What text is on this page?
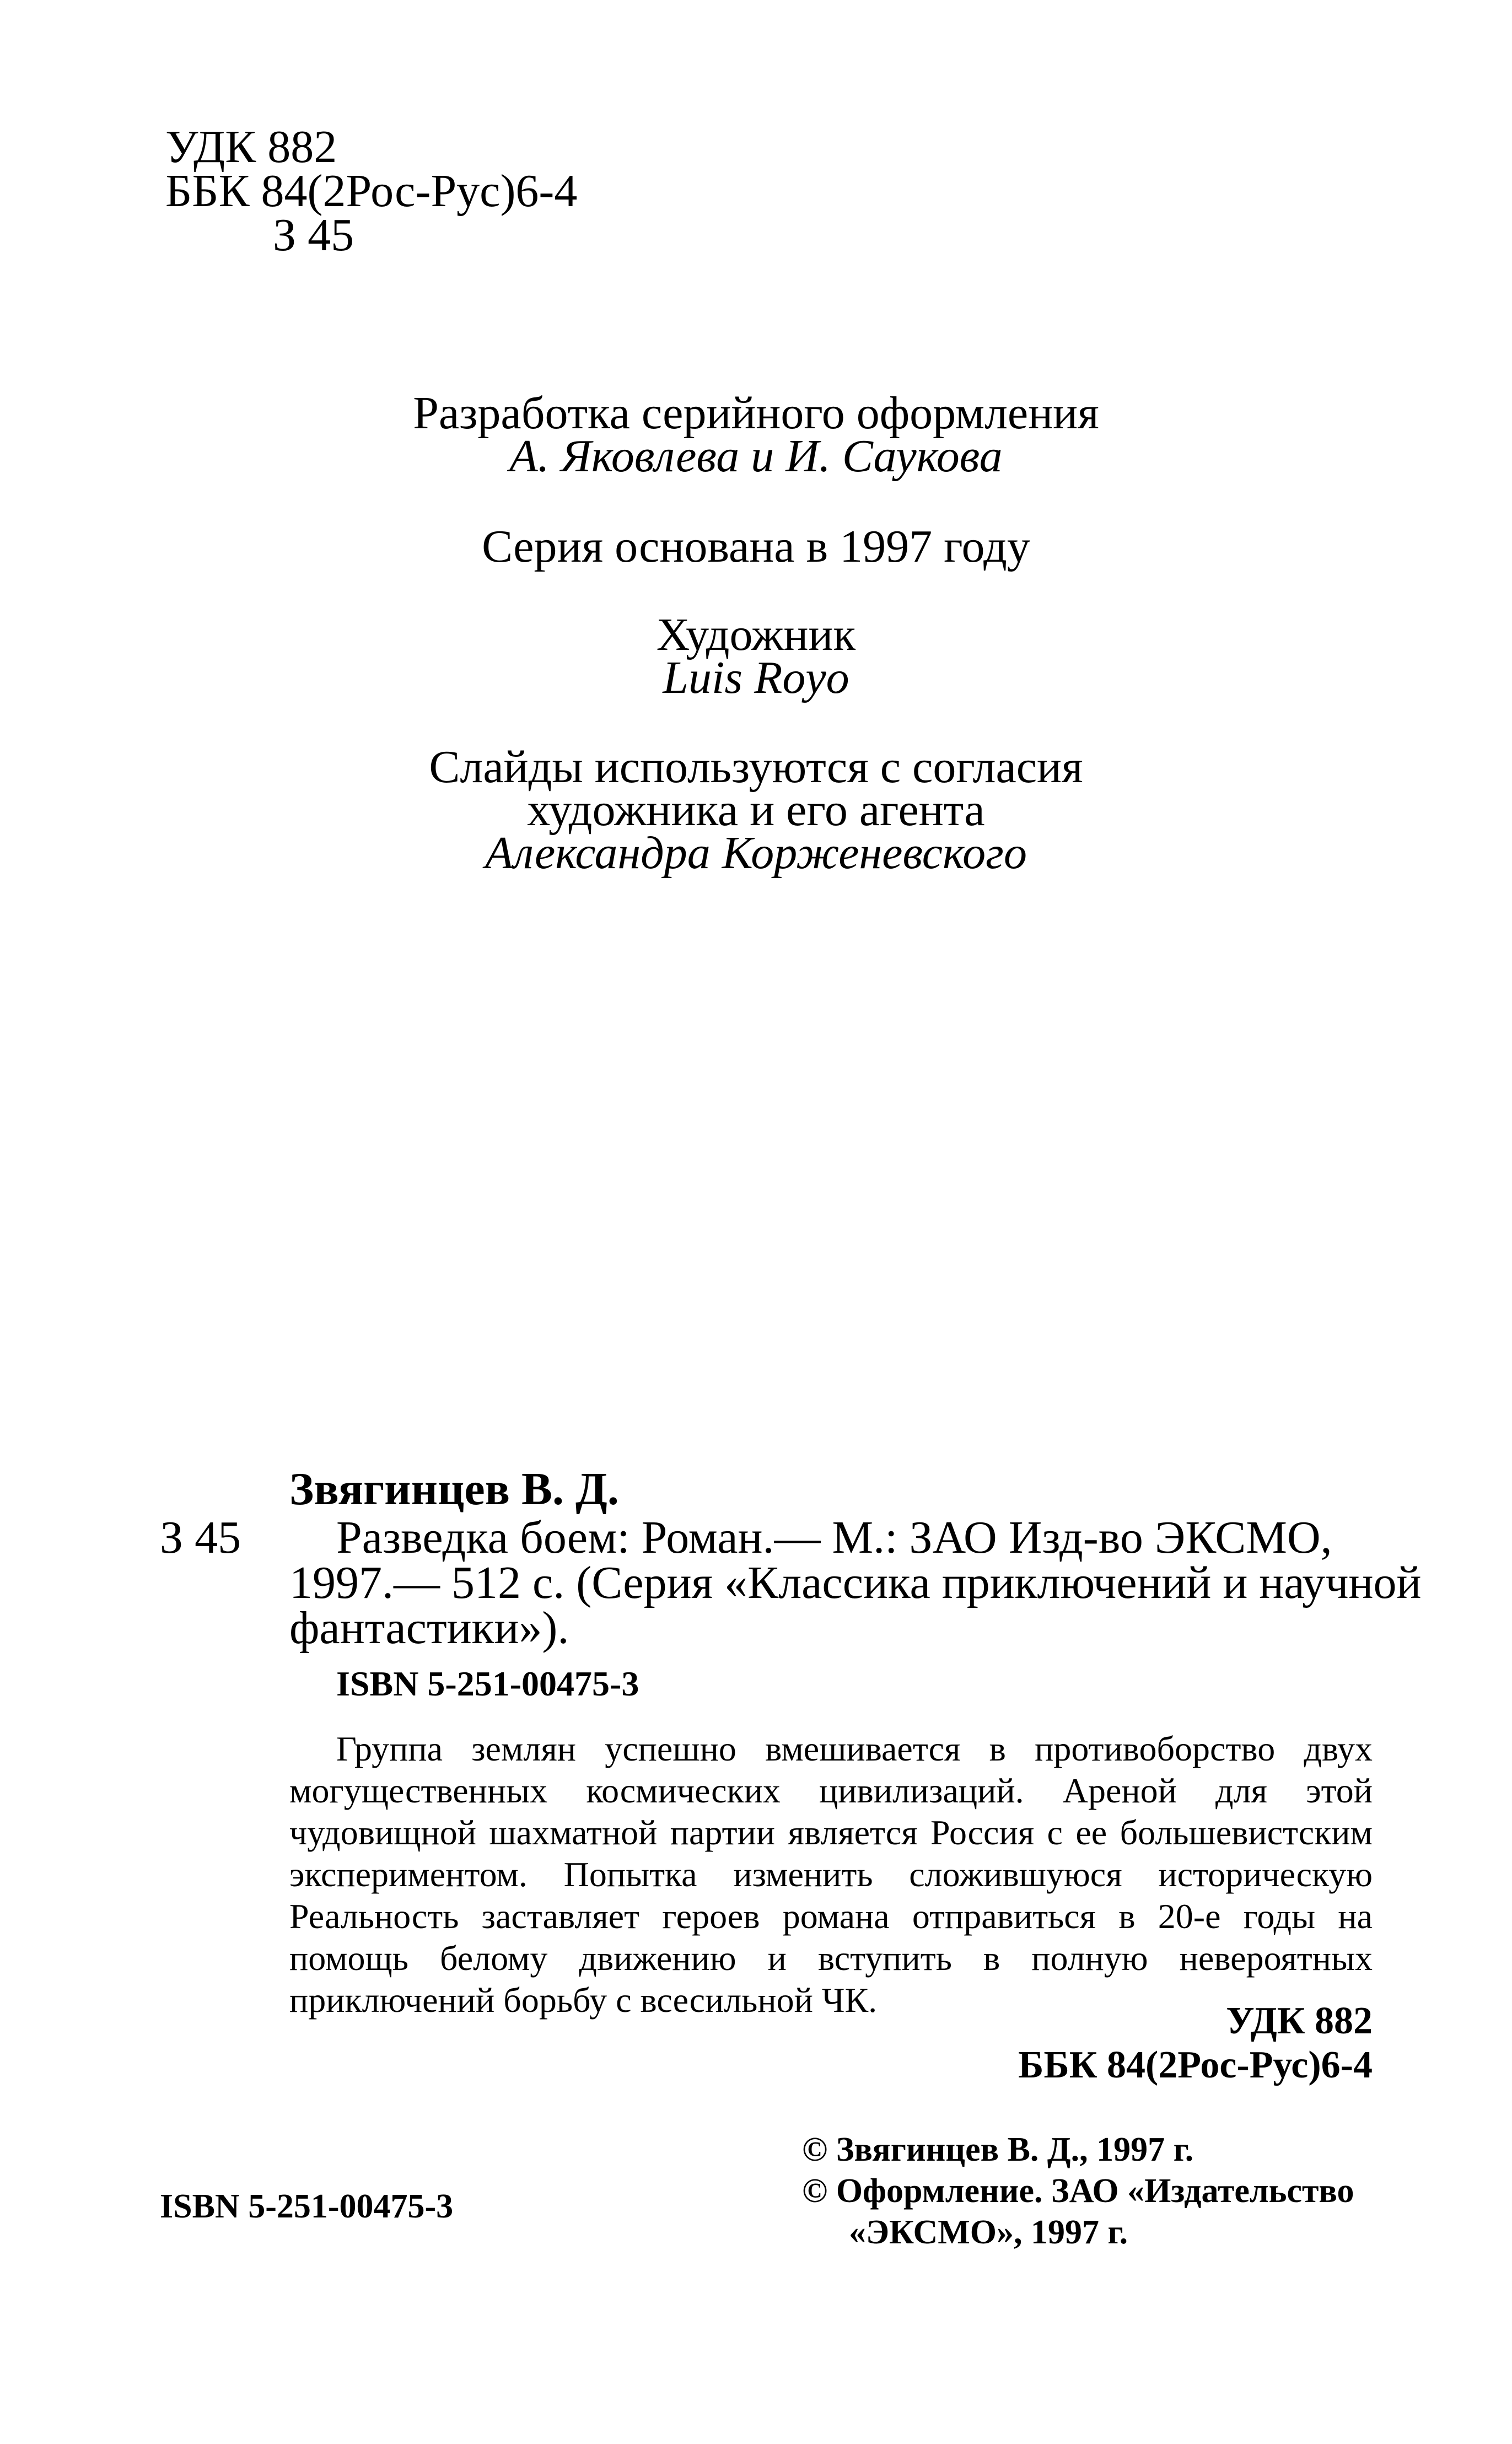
УДК 882
ББК 84(2Рос-Рус)6-4
З 45
Разработка серийного оформления
А. Яковлева и И. Саукова
Серия основана в 1997 году
Художник
Luis Royo
Слайды используются с согласия
художника и его агента
Александра Корженевского
Звягинцев В. Д.
З 45 Разведка боем: Роман.— М.: ЗАО Изд-во ЭКСМО,
1997.— 512 с. (Серия «Классика приключений и научной
фантастики»).
ISBN 5-251-00475-3
Группа землян успешно вмешивается в противоборство двух могущественных космических цивилизаций. Ареной для этой чудовищной шахматной партии является Россия с ее большевистским экспериментом. Попытка изменить сложившуюся историческую Реальность заставляет героев романа отправиться в 20-е годы на помощь белому движению и вступить в полную невероятных приключений борьбу с всесильной ЧК.	УДК 882
ББК 84(2Рос-Рус)6-4
ISBN 5-251-00475-3
© Звягинцев В. Д., 1997 г.
© Оформление. ЗАО «Издательство
«ЭКСМО», 1997 г.
